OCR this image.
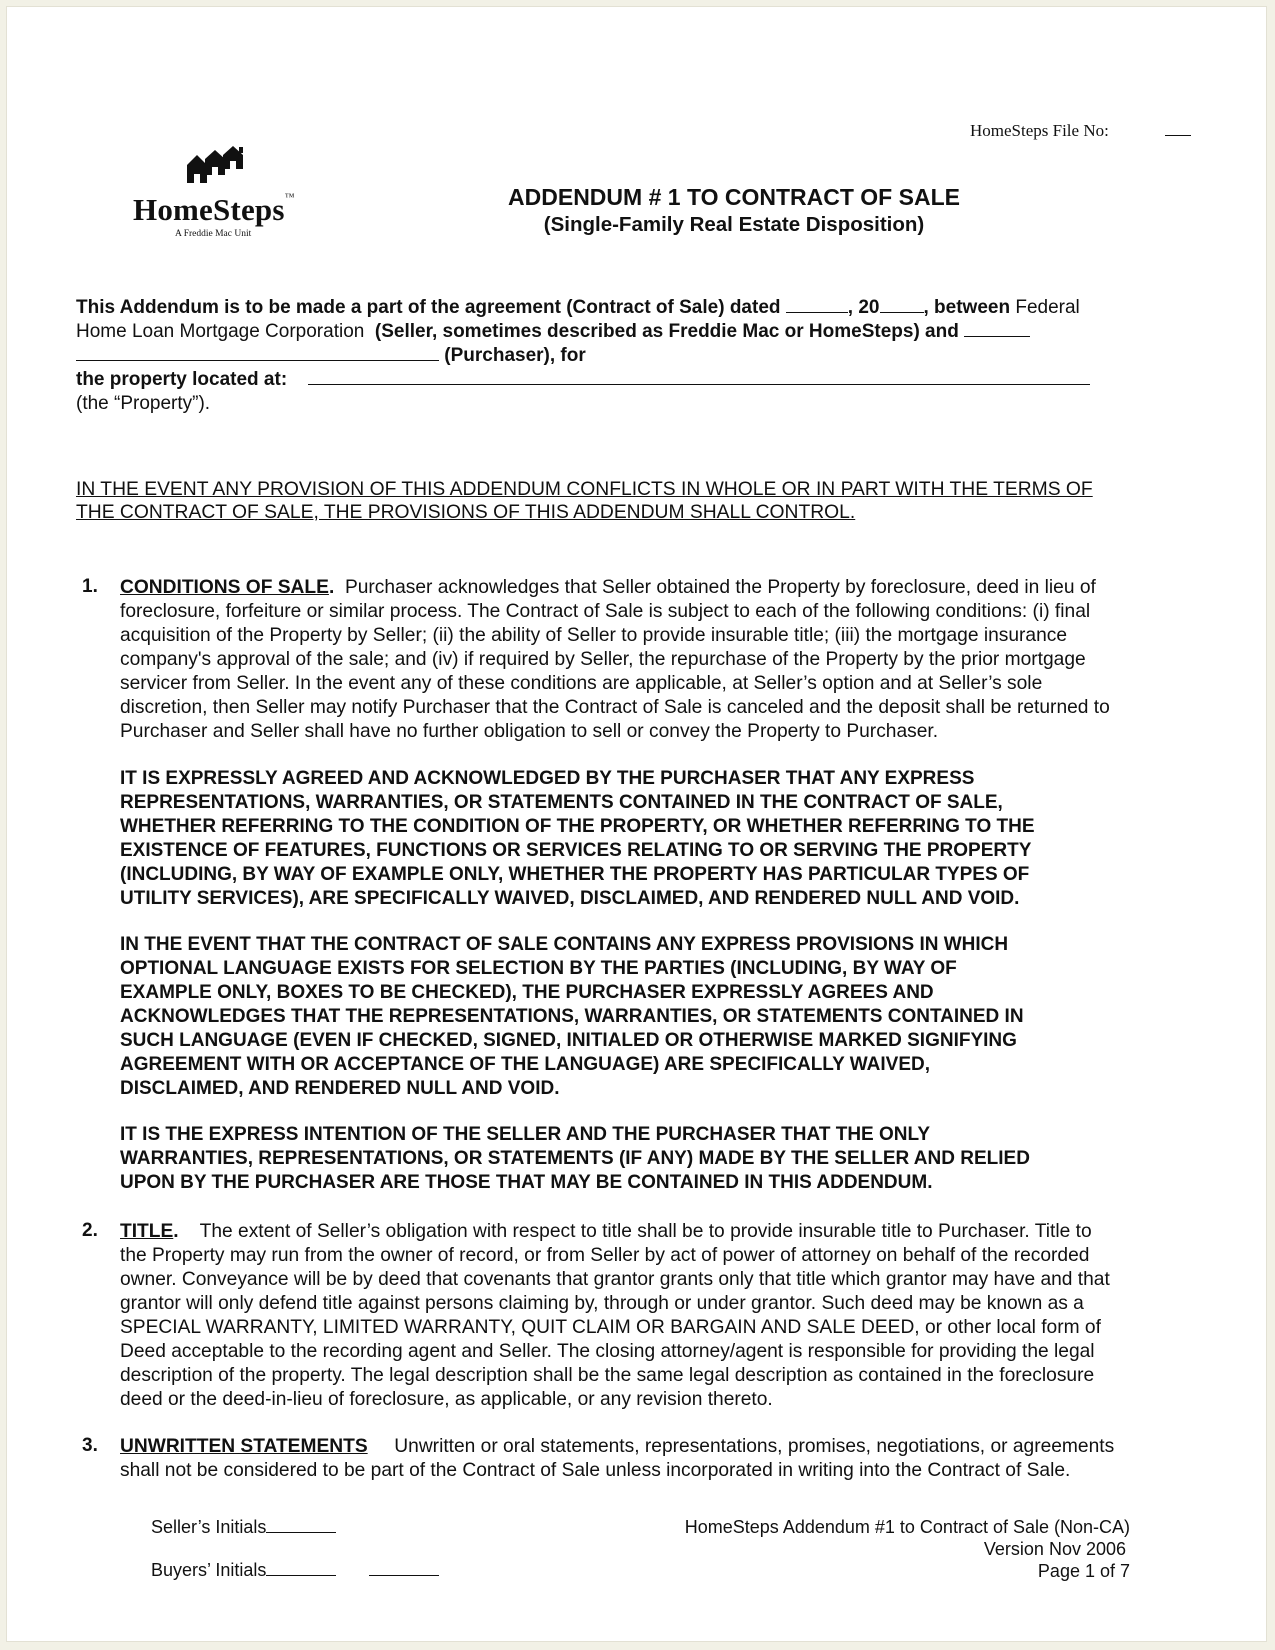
HomeSteps File No:
HomeSteps™
A Freddie Mac Unit
ADDENDUM # 1 TO CONTRACT OF SALE
(Single-Family Real Estate Disposition)
This Addendum is to be made a part of the agreement (Contract of Sale) dated	, 20 , between Federal
Home Loan Mortgage Corporation (Seller, sometimes described as Freddie Mac or HomeSteps) and
(Purchaser), for
the property located at:
(the “Property”).
IN THE EVENT ANY PROVISION OF THIS ADDENDUM CONFLICTS IN WHOLE OR IN PART WITH THE TERMS OF
THE CONTRACT OF SALE, THE PROVISIONS OF THIS ADDENDUM SHALL CONTROL.
1. CONDITIONS OF SALE. Purchaser acknowledges that Seller obtained the Property by foreclosure, deed in lieu of
foreclosure, forfeiture or similar process. The Contract of Sale is subject to each of the following conditions: (i) final
acquisition of the Property by Seller; (ii) the ability of Seller to provide insurable title; (iii) the mortgage insurance
company's approval of the sale; and (iv) if required by Seller, the repurchase of the Property by the prior mortgage
servicer from Seller. In the event any of these conditions are applicable, at Seller’s option and at Seller’s sole
discretion, then Seller may notify Purchaser that the Contract of Sale is canceled and the deposit shall be returned to
Purchaser and Seller shall have no further obligation to sell or convey the Property to Purchaser.
IT IS EXPRESSLY AGREED AND ACKNOWLEDGED BY THE PURCHASER THAT ANY EXPRESS
REPRESENTATIONS, WARRANTIES, OR STATEMENTS CONTAINED IN THE CONTRACT OF SALE,
WHETHER REFERRING TO THE CONDITION OF THE PROPERTY, OR WHETHER REFERRING TO THE
EXISTENCE OF FEATURES, FUNCTIONS OR SERVICES RELATING TO OR SERVING THE PROPERTY
(INCLUDING, BY WAY OF EXAMPLE ONLY, WHETHER THE PROPERTY HAS PARTICULAR TYPES OF
UTILITY SERVICES), ARE SPECIFICALLY WAIVED, DISCLAIMED, AND RENDERED NULL AND VOID.
IN THE EVENT THAT THE CONTRACT OF SALE CONTAINS ANY EXPRESS PROVISIONS IN WHICH
OPTIONAL LANGUAGE EXISTS FOR SELECTION BY THE PARTIES (INCLUDING, BY WAY OF
EXAMPLE ONLY, BOXES TO BE CHECKED), THE PURCHASER EXPRESSLY AGREES AND
ACKNOWLEDGES THAT THE REPRESENTATIONS, WARRANTIES, OR STATEMENTS CONTAINED IN
SUCH LANGUAGE (EVEN IF CHECKED, SIGNED, INITIALED OR OTHERWISE MARKED SIGNIFYING
AGREEMENT WITH OR ACCEPTANCE OF THE LANGUAGE) ARE SPECIFICALLY WAIVED,
DISCLAIMED, AND RENDERED NULL AND VOID.
IT IS THE EXPRESS INTENTION OF THE SELLER AND THE PURCHASER THAT THE ONLY
WARRANTIES, REPRESENTATIONS, OR STATEMENTS (IF ANY) MADE BY THE SELLER AND RELIED
UPON BY THE PURCHASER ARE THOSE THAT MAY BE CONTAINED IN THIS ADDENDUM.
2. TITLE. The extent of Seller’s obligation with respect to title shall be to provide insurable title to Purchaser. Title to
the Property may run from the owner of record, or from Seller by act of power of attorney on behalf of the recorded
owner. Conveyance will be by deed that covenants that grantor grants only that title which grantor may have and that
grantor will only defend title against persons claiming by, through or under grantor. Such deed may be known as a
SPECIAL WARRANTY, LIMITED WARRANTY, QUIT CLAIM OR BARGAIN AND SALE DEED, or other local form of
Deed acceptable to the recording agent and Seller. The closing attorney/agent is responsible for providing the legal
description of the property. The legal description shall be the same legal description as contained in the foreclosure
deed or the deed-in-lieu of foreclosure, as applicable, or any revision thereto.
3. UNWRITTEN STATEMENTS Unwritten or oral statements, representations, promises, negotiations, or agreements
shall not be considered to be part of the Contract of Sale unless incorporated in writing into the Contract of Sale.
Seller’s Initials
Buyers’ Initials
HomeSteps Addendum #1 to Contract of Sale (Non-CA)
Version Nov 2006
Page 1 of 7
